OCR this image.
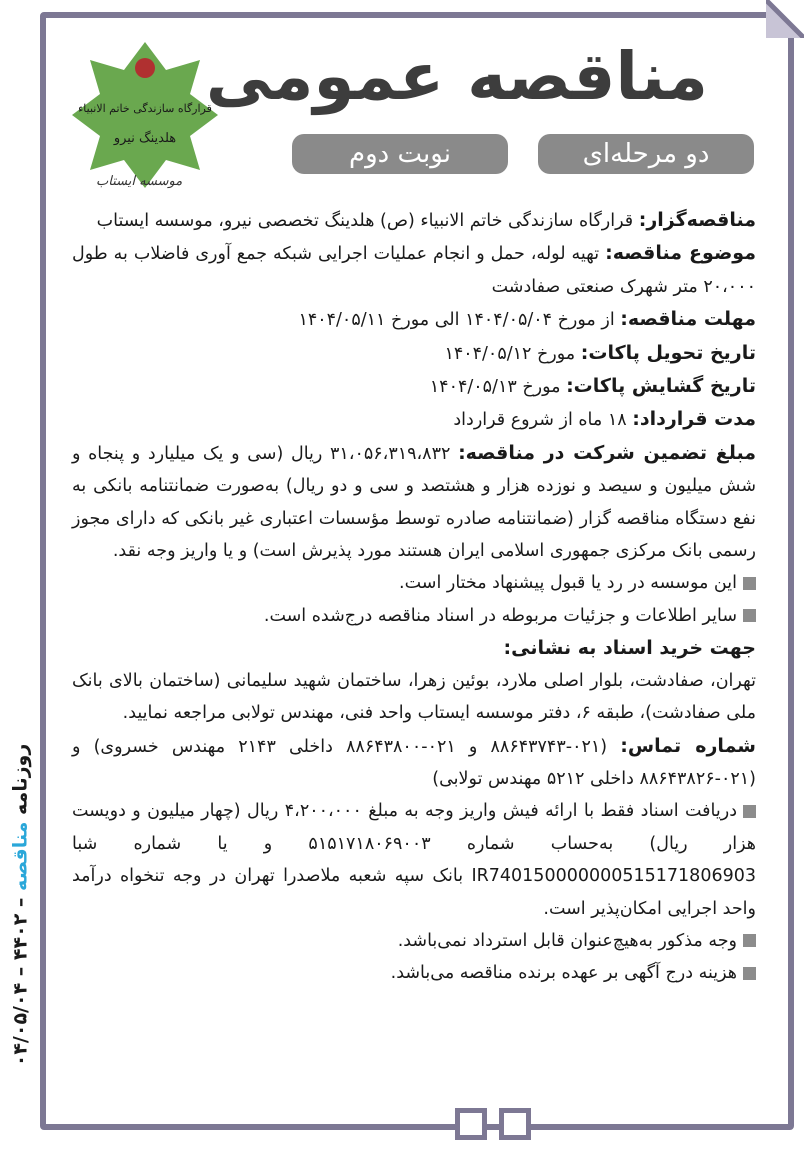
روزنامه مناقصه – ۴۴۰۲ – ۰۴/۰۵/۰۴
قرارگاه سازندگی خاتم الانبیاء
هلدینگ نیرو
موسسه ایستاب
مناقصه عمومی
دو مرحله‌ای
نوبت دوم

مناقصه‌گزار: قرارگاه سازندگی خاتم الانبیاء (ص) هلدینگ تخصصی نیرو، موسسه ایستاب

موضوع مناقصه: تهیه لوله، حمل و انجام عملیات اجرایی شبکه جمع آوری فاضلاب به طول ۲۰،۰۰۰ متر شهرک صنعتی صفادشت

مهلت مناقصه: از مورخ ۱۴۰۴/۰۵/۰۴ الی مورخ ۱۴۰۴/۰۵/۱۱

تاریخ تحویل پاکات: مورخ ۱۴۰۴/۰۵/۱۲

تاریخ گشایش پاکات: مورخ ۱۴۰۴/۰۵/۱۳

مدت قرارداد: ۱۸ ماه از شروع قرارداد

مبلغ تضمین شرکت در مناقصه: ۳۱،۰۵۶،۳۱۹،۸۳۲ ریال (سی و یک میلیارد و پنجاه و شش میلیون و سیصد و نوزده هزار و هشتصد و سی و دو ریال) به‌صورت ضمانتنامه بانکی به نفع دستگاه مناقصه گزار (ضمانتنامه صادره توسط مؤسسات اعتباری غیر بانکی که دارای مجوز رسمی بانک مرکزی جمهوری اسلامی ایران هستند مورد پذیرش است) و یا واریز وجه نقد.

این موسسه در رد یا قبول پیشنهاد مختار است.

سایر اطلاعات و جزئیات مربوطه در اسناد مناقصه درج‌شده است.

جهت خرید اسناد به نشانی:

تهران، صفادشت، بلوار اصلی ملارد، بوئین زهرا، ساختمان شهید سلیمانی (ساختمان بالای بانک ملی صفادشت)، طبقه ۶، دفتر موسسه ایستاب واحد فنی، مهندس تولابی مراجعه نمایید.

شماره تماس: (۰۲۱-۸۸۶۴۳۷۴۳ و ۰۲۱-۸۸۶۴۳۸۰۰ داخلی ۲۱۴۳ مهندس خسروی) و (۰۲۱-۸۸۶۴۳۸۲۶ داخلی ۵۲۱۲ مهندس تولابی)

دریافت اسناد فقط با ارائه فیش واریز وجه به مبلغ ۴،۲۰۰،۰۰۰ ریال (چهار میلیون و دویست هزار ریال) به‌حساب شماره ۵۱۵۱۷۱۸۰۶۹۰۰۳ و یا شماره شبا IR740150000000515171806903 بانک سپه شعبه ملاصدرا تهران در وجه تنخواه درآمد واحد اجرایی امکان‌پذیر است.

وجه مذکور به‌هیچ‌عنوان قابل استرداد نمی‌باشد.

هزینه درج آگهی بر عهده برنده مناقصه می‌باشد.
